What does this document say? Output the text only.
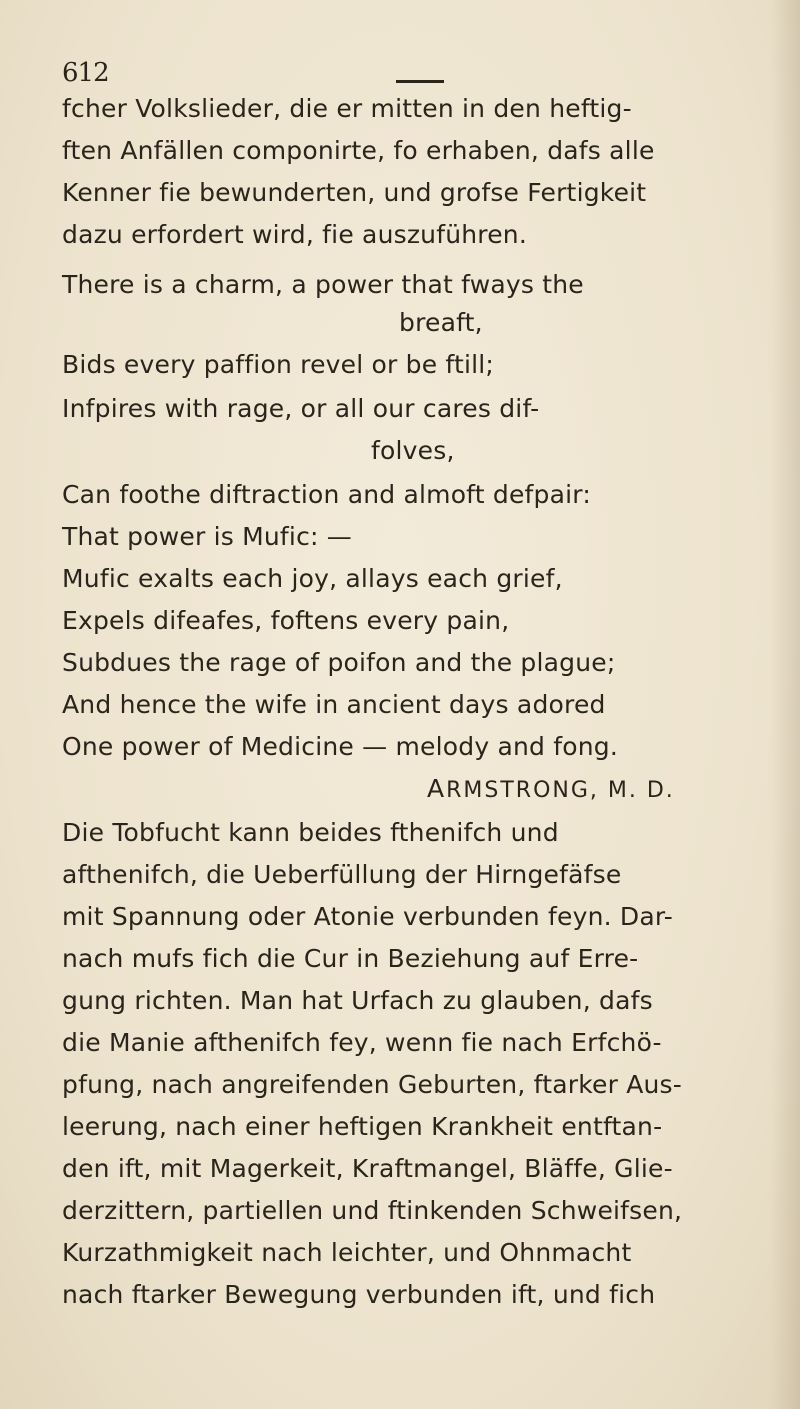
612
fcher Volkslieder, die er mitten in den heftig-
ften Anfällen componirte, fo erhaben, dafs alle
Kenner fie bewunderten, und grofse Fertigkeit
dazu erfordert wird, fie auszuführen.
There is a charm, a power that fways the
breaft,
Bids every paffion revel or be ftill;
Infpires with rage, or all our cares dif-
folves,
Can foothe diftraction and almoft defpair:
That power is Mufic: —
Mufic exalts each joy, allays each grief,
Expels difeafes, foftens every pain,
Subdues the rage of poifon and the plague;
And hence the wife in ancient days adored
One power of Medicine — melody and fong.
ARMSTRONG, M. D.
Die Tobfucht kann beides fthenifch und
afthenifch, die Ueberfüllung der Hirngefäfse
mit Spannung oder Atonie verbunden feyn. Dar-
nach mufs fich die Cur in Beziehung auf Erre-
gung richten. Man hat Urfach zu glauben, dafs
die Manie afthenifch fey, wenn fie nach Erfchö-
pfung, nach angreifenden Geburten, ftarker Aus-
leerung, nach einer heftigen Krankheit entftan-
den ift, mit Magerkeit, Kraftmangel, Bläffe, Glie-
derzittern, partiellen und ftinkenden Schweifsen,
Kurzathmigkeit nach leichter, und Ohnmacht
nach ftarker Bewegung verbunden ift, und fich
